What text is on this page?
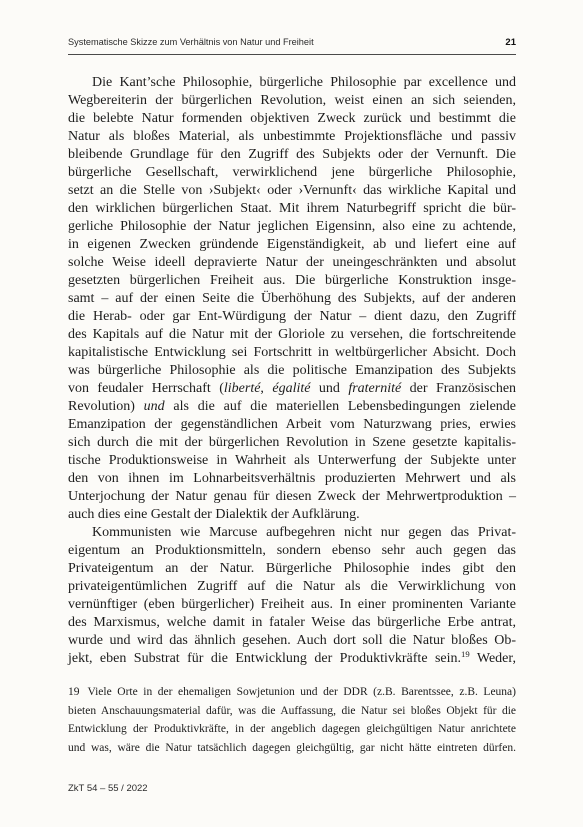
Systematische Skizze zum Verhältnis von Natur und Freiheit	21
Die Kant’sche Philosophie, bürgerliche Philosophie par excellence und
Wegbereiterin der bürgerlichen Revolution, weist einen an sich seienden,
die belebte Natur formenden objektiven Zweck zurück und bestimmt die
Natur als bloßes Material, als unbestimmte Projektionsfläche und passiv
bleibende Grundlage für den Zugriff des Subjekts oder der Vernunft. Die
bürgerliche Gesellschaft, verwirklichend jene bürgerliche Philosophie,
setzt an die Stelle von ›Subjekt‹ oder ›Vernunft‹ das wirkliche Kapital und
den wirklichen bürgerlichen Staat. Mit ihrem Naturbegriff spricht die bür-
gerliche Philosophie der Natur jeglichen Eigensinn, also eine zu achtende,
in eigenen Zwecken gründende Eigenständigkeit, ab und liefert eine auf
solche Weise ideell depravierte Natur der uneingeschränkten und absolut
gesetzten bürgerlichen Freiheit aus. Die bürgerliche Konstruktion insge-
samt – auf der einen Seite die Überhöhung des Subjekts, auf der anderen
die Herab- oder gar Ent-Würdigung der Natur – dient dazu, den Zugriff
des Kapitals auf die Natur mit der Gloriole zu versehen, die fortschreitende
kapitalistische Entwicklung sei Fortschritt in weltbürgerlicher Absicht. Doch
was bürgerliche Philosophie als die politische Emanzipation des Subjekts
von feudaler Herrschaft (liberté, égalité und fraternité der Französischen
Revolution) und als die auf die materiellen Lebensbedingungen zielende
Emanzipation der gegenständlichen Arbeit vom Naturzwang pries, erwies
sich durch die mit der bürgerlichen Revolution in Szene gesetzte kapitalis-
tische Produktionsweise in Wahrheit als Unterwerfung der Subjekte unter
den von ihnen im Lohnarbeitsverhältnis produzierten Mehrwert und als
Unterjochung der Natur genau für diesen Zweck der Mehrwertproduktion –
auch dies eine Gestalt der Dialektik der Aufklärung.
Kommunisten wie Marcuse aufbegehren nicht nur gegen das Privat-
eigentum an Produktionsmitteln, sondern ebenso sehr auch gegen das
Privateigentum an der Natur. Bürgerliche Philosophie indes gibt den
privateigentümlichen Zugriff auf die Natur als die Verwirklichung von
vernünftiger (eben bürgerlicher) Freiheit aus. In einer prominenten Variante
des Marxismus, welche damit in fataler Weise das bürgerliche Erbe antrat,
wurde und wird das ähnlich gesehen. Auch dort soll die Natur bloßes Ob-
jekt, eben Substrat für die Entwicklung der Produktivkräfte sein.$^{19}$ Weder,
19 Viele Orte in der ehemaligen Sowjetunion und der DDR (z.B. Barentssee, z.B. Leuna)
bieten Anschauungsmaterial dafür, was die Auffassung, die Natur sei bloßes Objekt für die
Entwicklung der Produktivkräfte, in der angeblich dagegen gleichgültigen Natur anrichtete
und was, wäre die Natur tatsächlich dagegen gleichgültig, gar nicht hätte eintreten dürfen.
ZkT 54 – 55 / 2022
